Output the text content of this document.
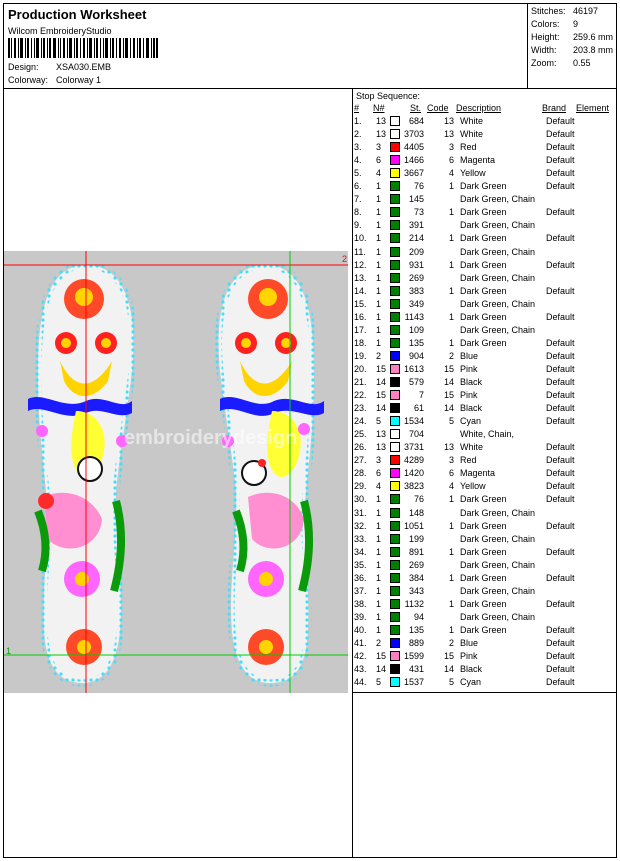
Production Worksheet
Wilcom EmbroideryStudio
Design: XSA030.EMB
Colorway: Colorway 1
Stitches: 46197
Colors: 9
Height: 259.6 mm
Width: 203.8 mm
Zoom: 0.55
2
1
embroiderydesign
Stop Sequence:
# N#	St. Code Description	Brand Element
1. 13	684	13 White	Default
2. 13 3703	13 White	Default
3. 3	4405	3 Red	Default
4. 6	1466	6 Magenta	Default
5. 4	3667	4 Yellow	Default
6. 1	76	1 Dark Green	Default
7. 1	145	Dark Green, Chain
8. 1	73	1 Dark Green	Default
9. 1	391	Dark Green, Chain
10. 1	214	1 Dark Green	Default
11. 1	209	Dark Green, Chain
12. 1	931	1 Dark Green	Default
13. 1	269	Dark Green, Chain
14. 1	383	1 Dark Green	Default
15. 1	349	Dark Green, Chain
16. 1	1143	1 Dark Green	Default
17. 1	109	Dark Green, Chain
18. 1	135	1 Dark Green	Default
19. 2	904	2 Blue	Default
20. 15 1613	15 Pink	Default
21. 14	579	14 Black	Default
22. 15	7	15 Pink	Default
23. 14	61	14 Black	Default
24. 5	1534	5 Cyan	Default
25. 13	704	White, Chain,
26. 13 3731	13 White	Default
27. 3	4289	3 Red	Default
28. 6	1420	6 Magenta	Default
29. 4	3823	4 Yellow	Default
30. 1	76	1 Dark Green	Default
31. 1	148	Dark Green, Chain
32. 1	1051	1 Dark Green	Default
33. 1	199	Dark Green, Chain
34. 1	891	1 Dark Green	Default
35. 1	269	Dark Green, Chain
36. 1	384	1 Dark Green	Default
37. 1	343	Dark Green, Chain
38. 1	1132	1 Dark Green	Default
39. 1	94	Dark Green, Chain
40. 1	135	1 Dark Green	Default
41. 2	889	2 Blue	Default
42. 15 1599	15 Pink	Default
43. 14	431	14 Black	Default
44. 5	1537	5 Cyan	Default
